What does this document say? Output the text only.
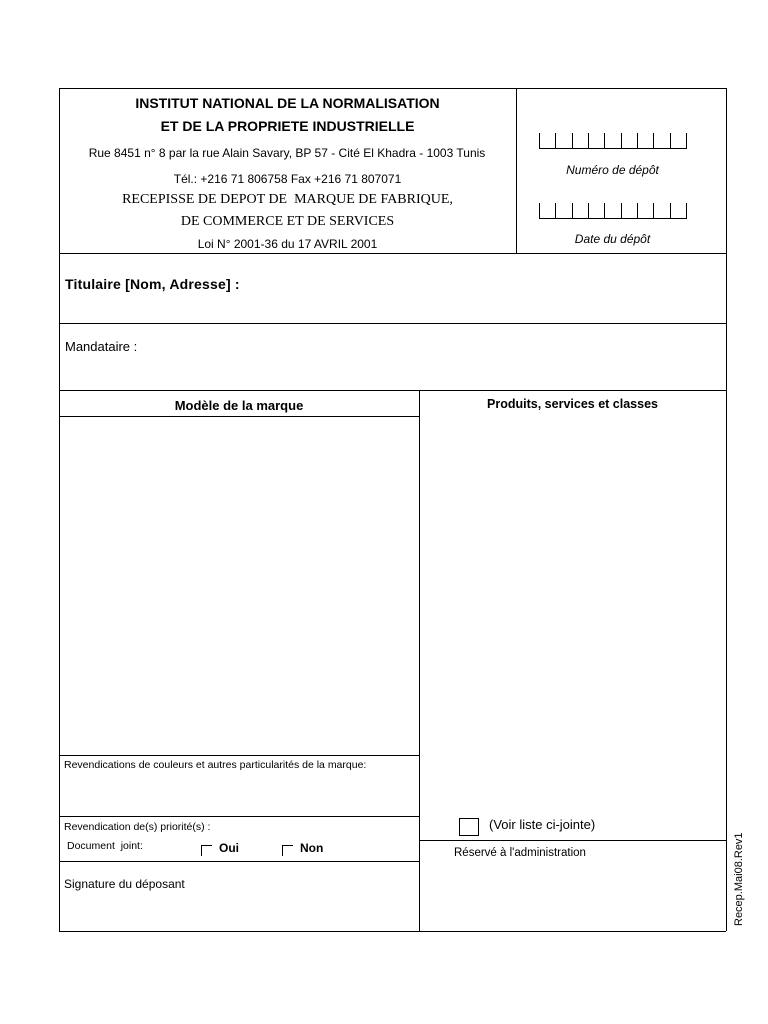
INSTITUT NATIONAL DE LA NORMALISATION
ET DE LA PROPRIETE INDUSTRIELLE
Rue 8451 n° 8 par la rue Alain Savary, BP 57 - Cité El Khadra - 1003 Tunis
Tél.: +216 71 806758 Fax +216 71 807071
RECEPISSE DE DEPOT DE  MARQUE DE FABRIQUE,
DE COMMERCE ET DE SERVICES
Loi N° 2001-36 du 17 AVRIL 2001
Numéro de dépôt
Date du dépôt
Titulaire [Nom, Adresse] :
Mandataire :
Modèle de la marque
Revendications de couleurs et autres particularités de la marque:
Revendication de(s) priorité(s) :
Document  joint:	Oui	Non
Signature du déposant
Produits, services et classes
(Voir liste ci-jointe)
Réservé à l'administration	Recep.Mai08.Rev1
